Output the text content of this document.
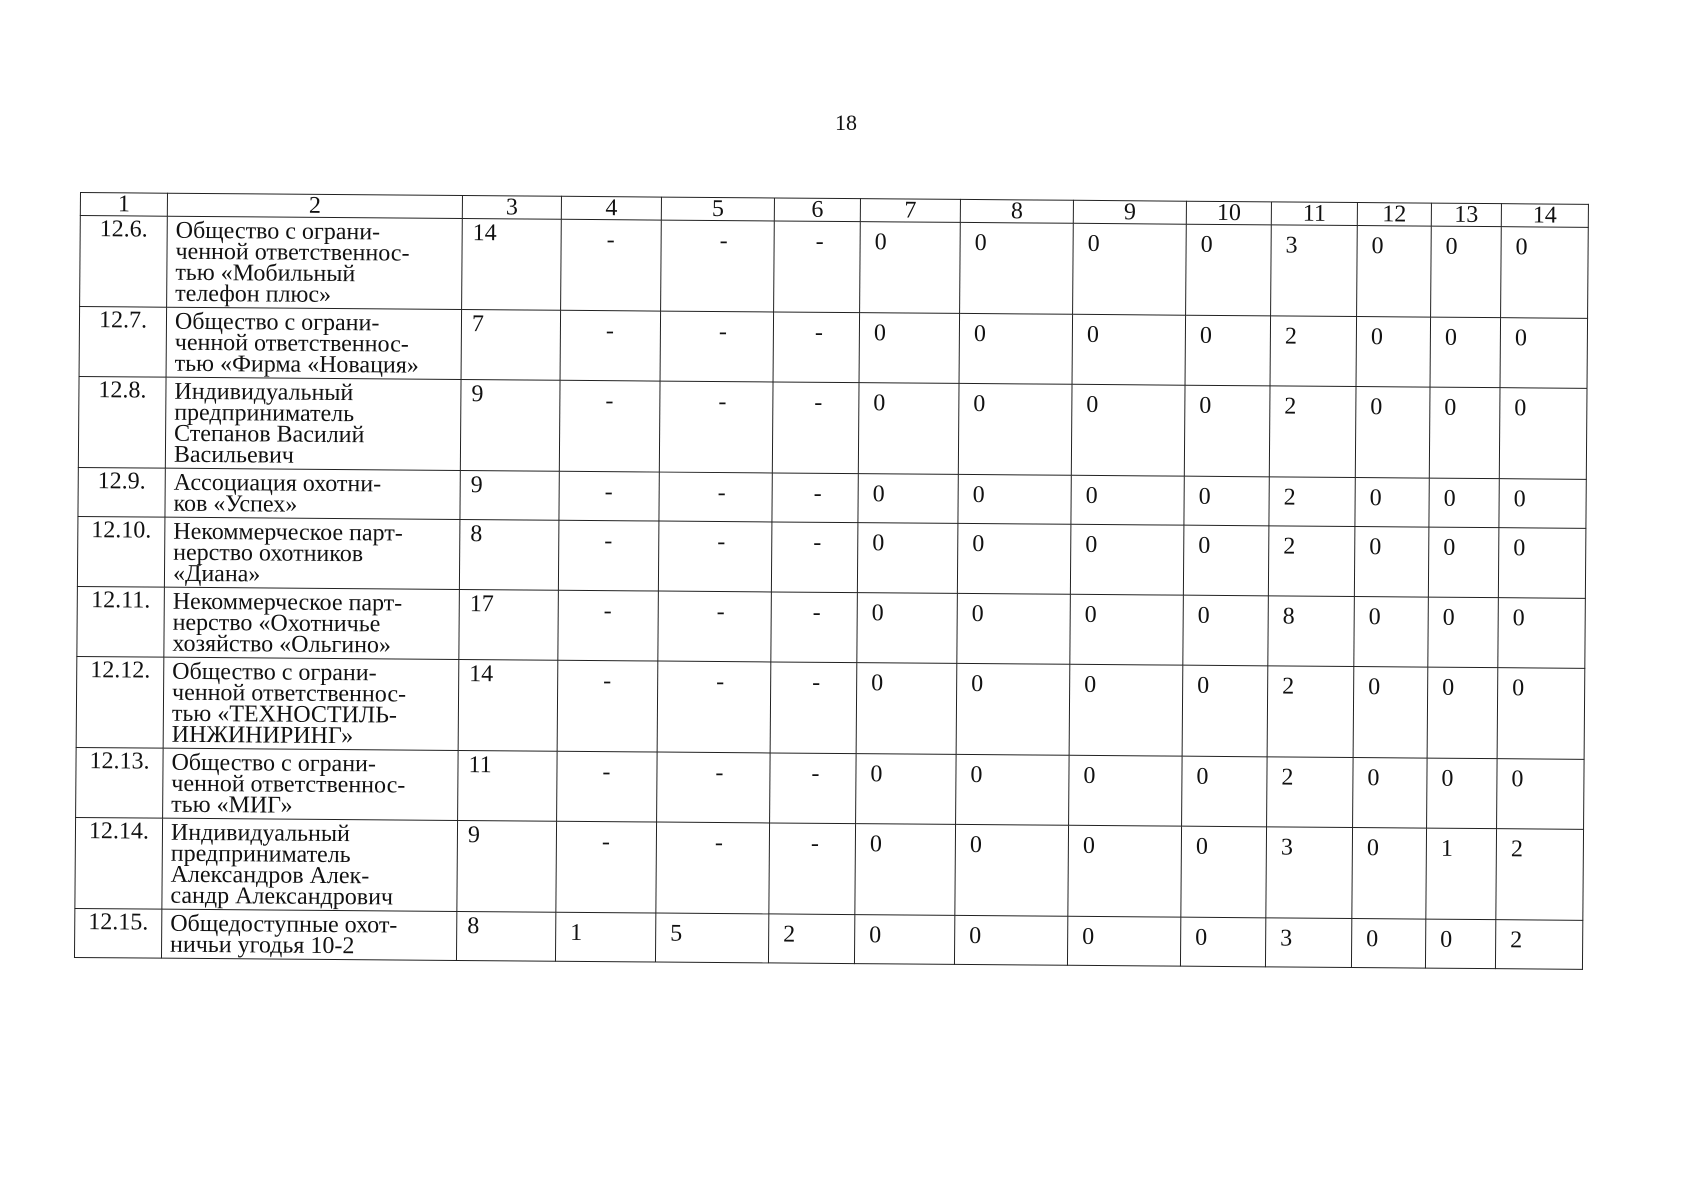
18
1	2	3	4	5	6	7	8	9	10	11	12	13	14
12.6.	Общество с ограни-
ченной ответственнос-
тью «Мобильный
телефон плюс»	14	-	-	-	0	0	0	0	3	0	0	0
12.7.	Общество с ограни-
ченной ответственнос-
тью «Фирма «Новация»	7	-	-	-	0	0	0	0	2	0	0	0
12.8.	Индивидуальный
предприниматель
Степанов Василий
Васильевич	9	-	-	-	0	0	0	0	2	0	0	0
12.9.	Ассоциация охотни-
ков «Успех»	9	-	-	-	0	0	0	0	2	0	0	0
12.10.	Некоммерческое парт-
нерство охотников
«Диана»	8	-	-	-	0	0	0	0	2	0	0	0
12.11.	Некоммерческое парт-
нерство «Охотничье
хозяйство «Ольгино»	17	-	-	-	0	0	0	0	8	0	0	0
12.12.	Общество с ограни-
ченной ответственнос-
тью «ТЕХНОСТИЛЬ-
ИНЖИНИРИНГ»	14	-	-	-	0	0	0	0	2	0	0	0
12.13.	Общество с ограни-
ченной ответственнос-
тью «МИГ»	11	-	-	-	0	0	0	0	2	0	0	0
12.14.	Индивидуальный
предприниматель
Александров Алек-
сандр Александрович	9	-	-	-	0	0	0	0	3	0	1	2
12.15.	Общедоступные охот-
ничьи угодья 10-2	8	1	5	2	0	0	0	0	3	0	0	2
